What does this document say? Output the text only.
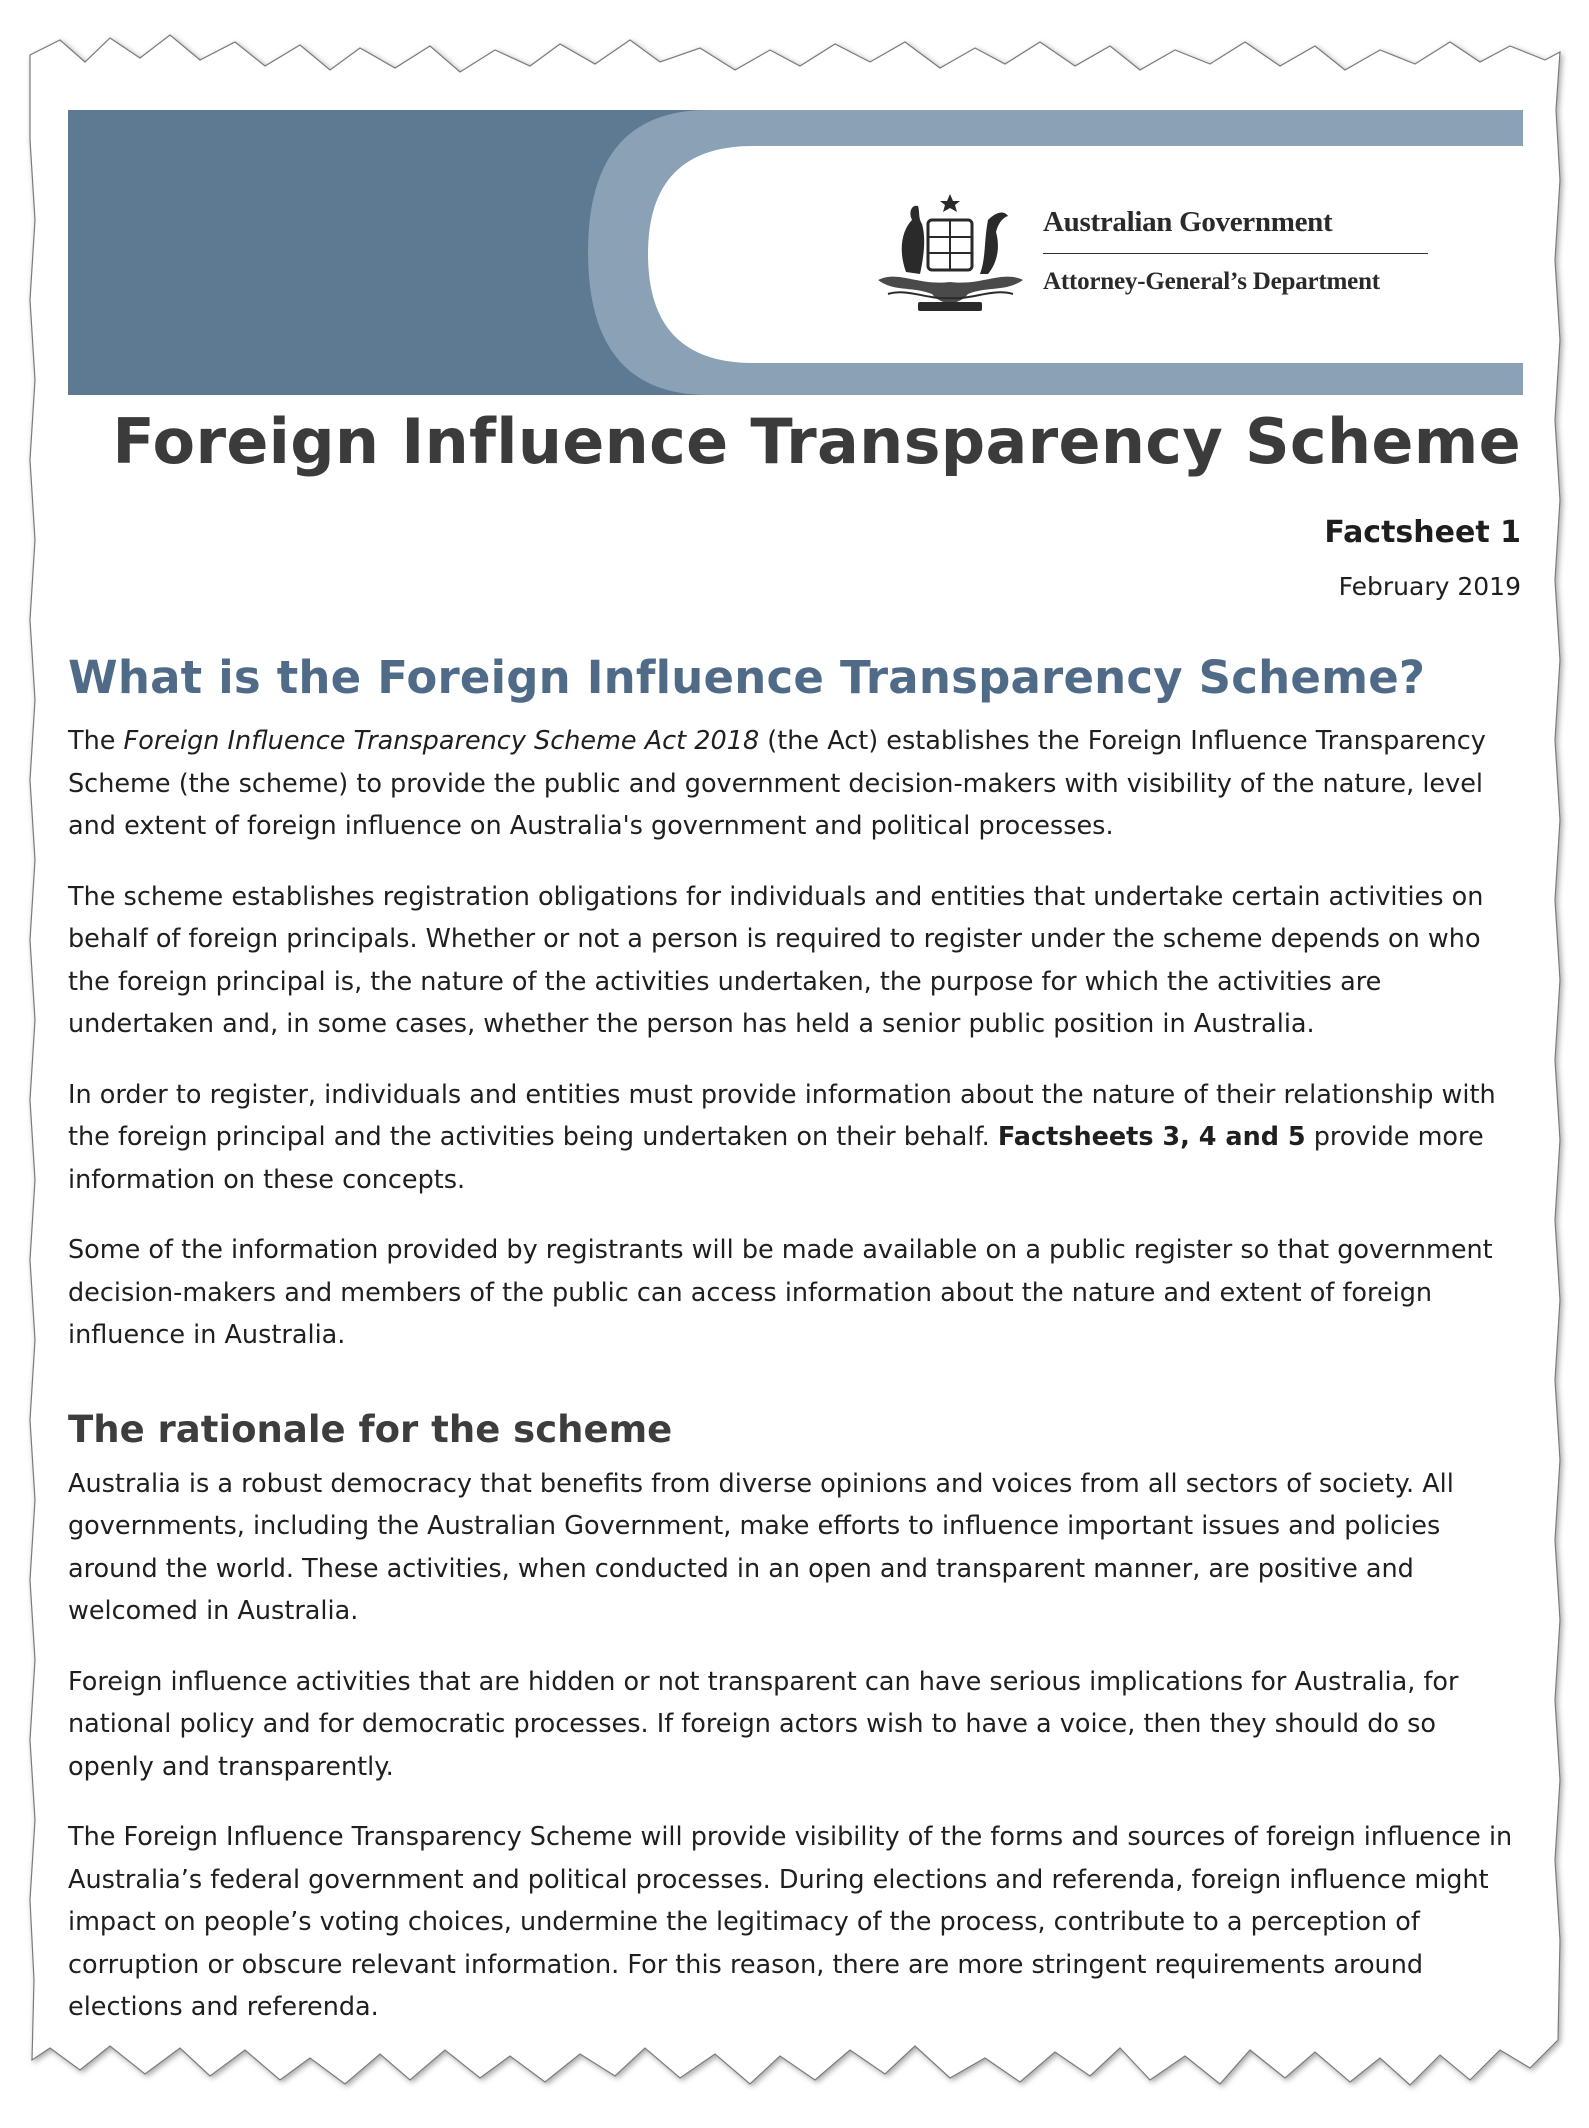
Australian Government
Attorney-General’s Department
Foreign Influence Transparency Scheme
Factsheet 1
February 2019
What is the Foreign Influence Transparency Scheme?

The Foreign Influence Transparency Scheme Act 2018 (the Act) establishes the Foreign Influence Transparency Scheme (the scheme) to provide the public and government decision-makers with visibility of the nature, level and extent of foreign influence on Australia's government and political processes.

The scheme establishes registration obligations for individuals and entities that undertake certain activities on behalf of foreign principals. Whether or not a person is required to register under the scheme depends on who the foreign principal is, the nature of the activities undertaken, the purpose for which the activities are undertaken and, in some cases, whether the person has held a senior public position in Australia.

In order to register, individuals and entities must provide information about the nature of their relationship with the foreign principal and the activities being undertaken on their behalf. Factsheets 3, 4 and 5 provide more information on these concepts.

Some of the information provided by registrants will be made available on a public register so that government decision-makers and members of the public can access information about the nature and extent of foreign influence in Australia.

The rationale for the scheme

Australia is a robust democracy that benefits from diverse opinions and voices from all sectors of society. All governments, including the Australian Government, make efforts to influence important issues and policies around the world. These activities, when conducted in an open and transparent manner, are positive and welcomed in Australia.

Foreign influence activities that are hidden or not transparent can have serious implications for Australia, for national policy and for democratic processes. If foreign actors wish to have a voice, then they should do so openly and transparently.

The Foreign Influence Transparency Scheme will provide visibility of the forms and sources of foreign influence in Australia’s federal government and political processes. During elections and referenda, foreign influence might impact on people’s voting choices, undermine the legitimacy of the process, contribute to a perception of corruption or obscure relevant information. For this reason, there are more stringent requirements around elections and referenda.
